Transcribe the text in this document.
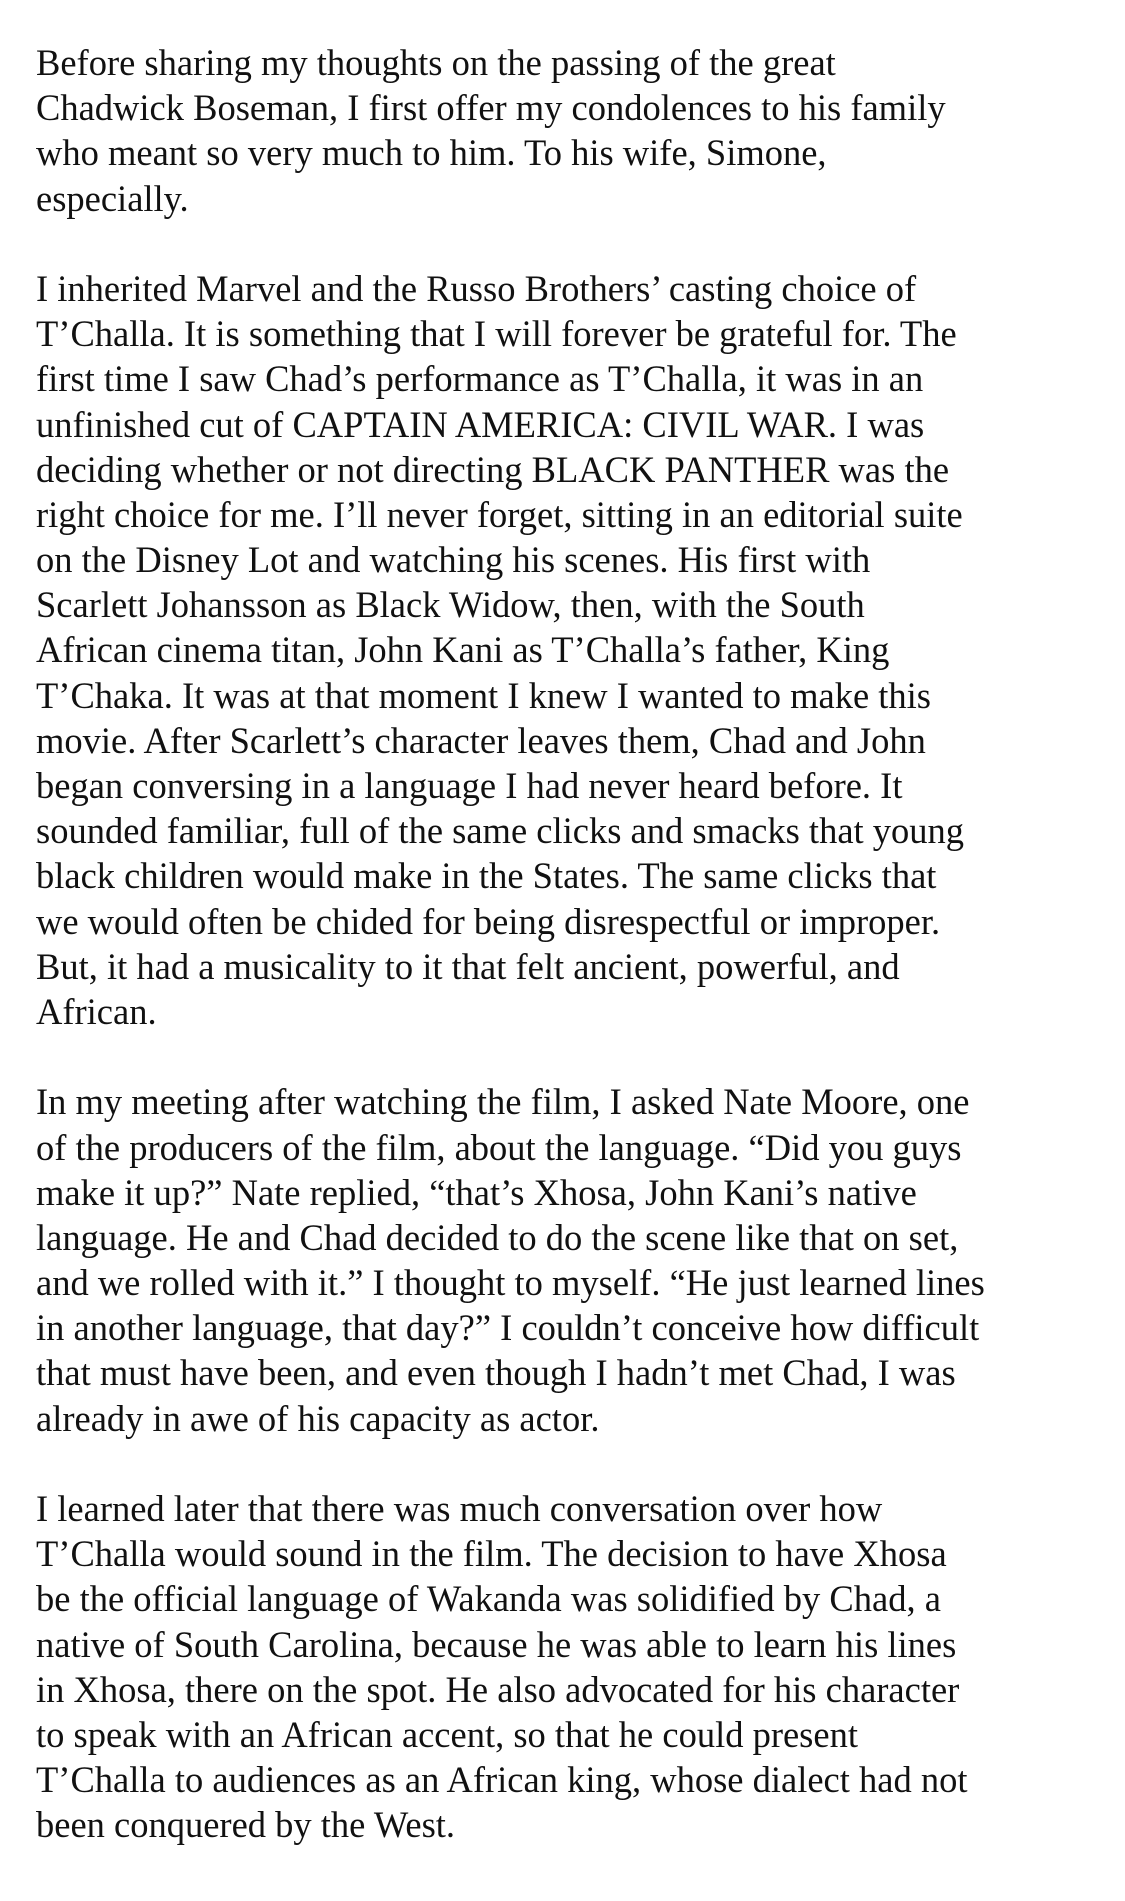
Before sharing my thoughts on the passing of the great
Chadwick Boseman, I first offer my condolences to his family
who meant so very much to him. To his wife, Simone,
especially.

I inherited Marvel and the Russo Brothers’ casting choice of
T’Challa. It is something that I will forever be grateful for. The
first time I saw Chad’s performance as T’Challa, it was in an
unfinished cut of CAPTAIN AMERICA: CIVIL WAR. I was
deciding whether or not directing BLACK PANTHER was the
right choice for me. I’ll never forget, sitting in an editorial suite
on the Disney Lot and watching his scenes. His first with
Scarlett Johansson as Black Widow, then, with the South
African cinema titan, John Kani as T’Challa’s father, King
T’Chaka. It was at that moment I knew I wanted to make this
movie. After Scarlett’s character leaves them, Chad and John
began conversing in a language I had never heard before. It
sounded familiar, full of the same clicks and smacks that young
black children would make in the States. The same clicks that
we would often be chided for being disrespectful or improper.
But, it had a musicality to it that felt ancient, powerful, and
African.

In my meeting after watching the film, I asked Nate Moore, one
of the producers of the film, about the language. “Did you guys
make it up?” Nate replied, “that’s Xhosa, John Kani’s native
language. He and Chad decided to do the scene like that on set,
and we rolled with it.” I thought to myself. “He just learned lines
in another language, that day?” I couldn’t conceive how difficult
that must have been, and even though I hadn’t met Chad, I was
already in awe of his capacity as actor.

I learned later that there was much conversation over how
T’Challa would sound in the film. The decision to have Xhosa
be the official language of Wakanda was solidified by Chad, a
native of South Carolina, because he was able to learn his lines
in Xhosa, there on the spot. He also advocated for his character
to speak with an African accent, so that he could present
T’Challa to audiences as an African king, whose dialect had not
been conquered by the West.
